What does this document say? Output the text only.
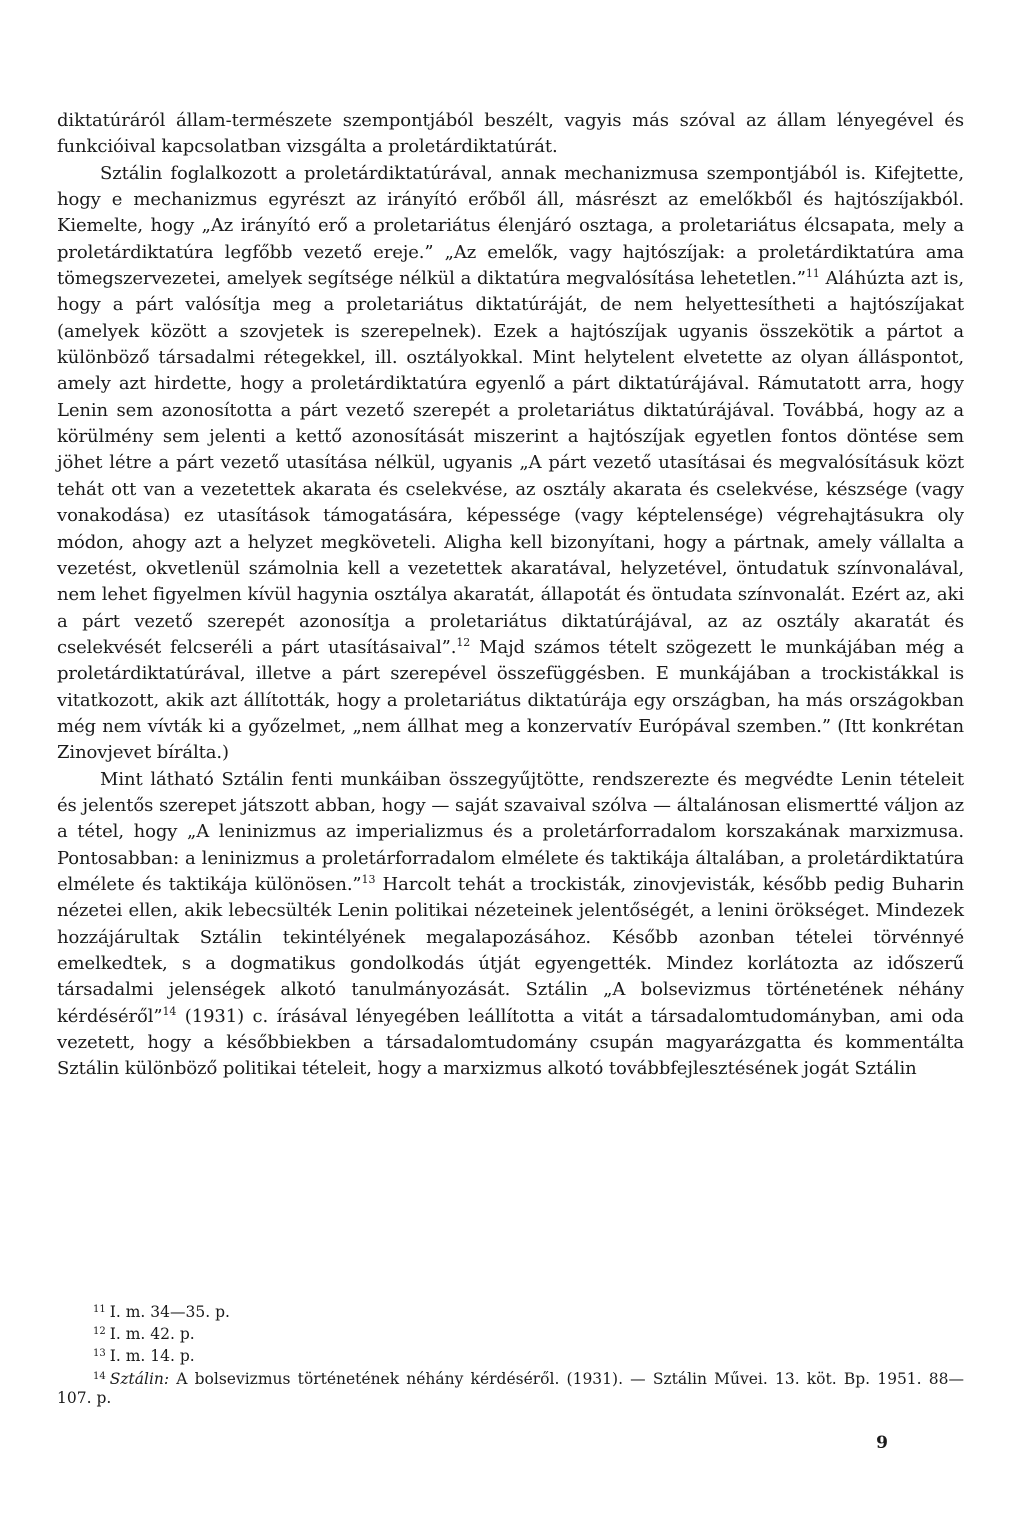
diktatúráról állam-természete szempontjából beszélt, vagyis más szóval az állam lényegével és funkcióival kapcsolatban vizsgálta a proletárdiktatúrát.

Sztálin foglalkozott a proletárdiktatúrával, annak mechanizmusa szempontjából is. Kifejtette, hogy e mechanizmus egyrészt az irányító erőből áll, másrészt az emelőkből és hajtószíjakból. Kiemelte, hogy „Az irányító erő a proletariátus élenjáró osztaga, a proletariátus élcsapata, mely a proletárdiktatúra legfőbb vezető ereje.” „Az emelők, vagy hajtószíjak: a proletárdiktatúra ama tömegszervezetei, amelyek segítsége nélkül a diktatúra megvalósítása lehetetlen.”$^{11}$ Aláhúzta azt is, hogy a párt valósítja meg a proletariátus diktatúráját, de nem helyettesítheti a hajtószíjakat (amelyek között a szovjetek is szerepelnek). Ezek a hajtószíjak ugyanis összekötik a pártot a különböző társadalmi rétegekkel, ill. osztályokkal. Mint helytelent elvetette az olyan álláspontot, amely azt hirdette, hogy a proletárdiktatúra egyenlő a párt diktatúrájával. Rámutatott arra, hogy Lenin sem azonosította a párt vezető szerepét a proletariátus diktatúrájával. Továbbá, hogy az a körülmény sem jelenti a kettő azonosítását miszerint a hajtószíjak egyetlen fontos döntése sem jöhet létre a párt vezető utasítása nélkül, ugyanis „A párt vezető utasításai és megvalósításuk közt tehát ott van a vezetettek akarata és cselekvése, az osztály akarata és cselekvése, készsége (vagy vonakodása) ez utasítások támogatására, képessége (vagy képtelensége) végrehajtásukra oly módon, ahogy azt a helyzet megköveteli. Aligha kell bizonyítani, hogy a pártnak, amely vállalta a vezetést, okvetlenül számolnia kell a vezetettek akaratával, helyzetével, öntudatuk színvonalával, nem lehet figyelmen kívül hagynia osztálya akaratát, állapotát és öntudata színvonalát. Ezért az, aki a párt vezető szerepét azonosítja a proletariátus diktatúrájával, az az osztály akaratát és cselekvését felcseréli a párt utasításaival”.$^{12}$ Majd számos tételt szögezett le munkájában még a proletárdiktatúrával, illetve a párt szerepével összefüggésben. E munkájában a trockistákkal is vitatkozott, akik azt állították, hogy a proletariátus diktatúrája egy országban, ha más országokban még nem vívták ki a győzelmet, „nem állhat meg a konzervatív Európával szemben.” (Itt konkrétan Zinovjevet bírálta.)

Mint látható Sztálin fenti munkáiban összegyűjtötte, rendszerezte és megvédte Lenin tételeit és jelentős szerepet játszott abban, hogy — saját szavaival szólva — általánosan elismertté váljon az a tétel, hogy „A leninizmus az imperializmus és a proletárforradalom korszakának marxizmusa. Pontosabban: a leninizmus a proletárforradalom elmélete és taktikája általában, a proletárdiktatúra elmélete és taktikája különösen.”$^{13}$ Harcolt tehát a trockisták, zinovjevisták, később pedig Buharin nézetei ellen, akik lebecsülték Lenin politikai nézeteinek jelentőségét, a lenini örökséget. Mindezek hozzájárultak Sztálin tekintélyének megalapozásához. Később azonban tételei törvénnyé emelkedtek, s a dogmatikus gondolkodás útját egyengették. Mindez korlátozta az időszerű társadalmi jelenségek alkotó tanulmányozását. Sztálin „A bolsevizmus történetének néhány kérdéséről”$^{14}$ (1931) c. írásával lényegében leállította a vitát a társadalomtudományban, ami oda vezetett, hogy a későbbiekben a társadalomtudomány csupán magyarázgatta és kommentálta Sztálin különböző politikai tételeit, hogy a marxizmus alkotó továbbfejlesztésének jogát Sztálin

$^{11}$ I. m. 34—35. p.

$^{12}$ I. m. 42. p.

$^{13}$ I. m. 14. p.

$^{14}$ Sztálin: A bolsevizmus történetének néhány kérdéséről. (1931). — Sztálin Művei. 13. köt. Bp. 1951. 88—107. p.

9
